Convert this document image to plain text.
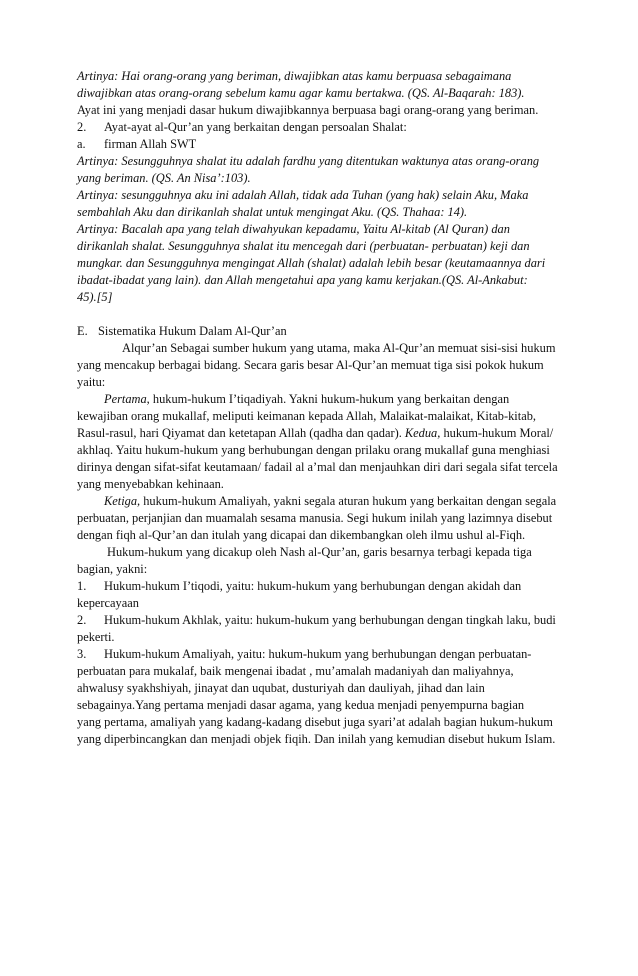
Artinya: Hai orang-orang yang beriman, diwajibkan atas kamu berpuasa sebagaimana
diwajibkan atas orang-orang sebelum kamu agar kamu bertakwa. (QS. Al-Baqarah: 183).
Ayat ini yang menjadi dasar hukum diwajibkannya berpuasa bagi orang-orang yang beriman.
2. Ayat-ayat al-Qur’an yang berkaitan dengan persoalan Shalat:
a. firman Allah SWT
Artinya: Sesungguhnya shalat itu adalah fardhu yang ditentukan waktunya atas orang-orang
yang beriman. (QS. An Nisa’:103).
Artinya: sesungguhnya aku ini adalah Allah, tidak ada Tuhan (yang hak) selain Aku, Maka
sembahlah Aku dan dirikanlah shalat untuk mengingat Aku. (QS. Thahaa: 14).
Artinya: Bacalah apa yang telah diwahyukan kepadamu, Yaitu Al-kitab (Al Quran) dan
dirikanlah shalat. Sesungguhnya shalat itu mencegah dari (perbuatan- perbuatan) keji dan
mungkar. dan Sesungguhnya mengingat Allah (shalat) adalah lebih besar (keutamaannya dari
ibadat-ibadat yang lain). dan Allah mengetahui apa yang kamu kerjakan.(QS. Al-Ankabut:
45).[5]
E. Sistematika Hukum Dalam Al-Qur’an
Alqur’an Sebagai sumber hukum yang utama, maka Al-Qur’an memuat sisi-sisi hukum
yang mencakup berbagai bidang. Secara garis besar Al-Qur’an memuat tiga sisi pokok hukum
yaitu:
Pertama, hukum-hukum I’tiqadiyah. Yakni hukum-hukum yang berkaitan dengan
kewajiban orang mukallaf, meliputi keimanan kepada Allah, Malaikat-malaikat, Kitab-kitab,
Rasul-rasul, hari Qiyamat dan ketetapan Allah (qadha dan qadar). Kedua, hukum-hukum Moral/
akhlaq. Yaitu hukum-hukum yang berhubungan dengan prilaku orang mukallaf guna menghiasi
dirinya dengan sifat-sifat keutamaan/ fadail al a’mal dan menjauhkan diri dari segala sifat tercela
yang menyebabkan kehinaan.
Ketiga, hukum-hukum Amaliyah, yakni segala aturan hukum yang berkaitan dengan segala
perbuatan, perjanjian dan muamalah sesama manusia. Segi hukum inilah yang lazimnya disebut
dengan fiqh al-Qur’an dan itulah yang dicapai dan dikembangkan oleh ilmu ushul al-Fiqh.
Hukum-hukum yang dicakup oleh Nash al-Qur’an, garis besarnya terbagi kepada tiga
bagian, yakni:
1. Hukum-hukum I’tiqodi, yaitu: hukum-hukum yang berhubungan dengan akidah dan
kepercayaan
2. Hukum-hukum Akhlak, yaitu: hukum-hukum yang berhubungan dengan tingkah laku, budi
pekerti.
3. Hukum-hukum Amaliyah, yaitu: hukum-hukum yang berhubungan dengan perbuatan-
perbuatan para mukalaf, baik mengenai ibadat , mu’amalah madaniyah dan maliyahnya,
ahwalusy syakhshiyah, jinayat dan uqubat, dusturiyah dan dauliyah, jihad dan lain
sebagainya.Yang pertama menjadi dasar agama, yang kedua menjadi penyempurna bagian
yang pertama, amaliyah yang kadang-kadang disebut juga syari’at adalah bagian hukum-hukum
yang diperbincangkan dan menjadi objek fiqih. Dan inilah yang kemudian disebut hukum Islam.
